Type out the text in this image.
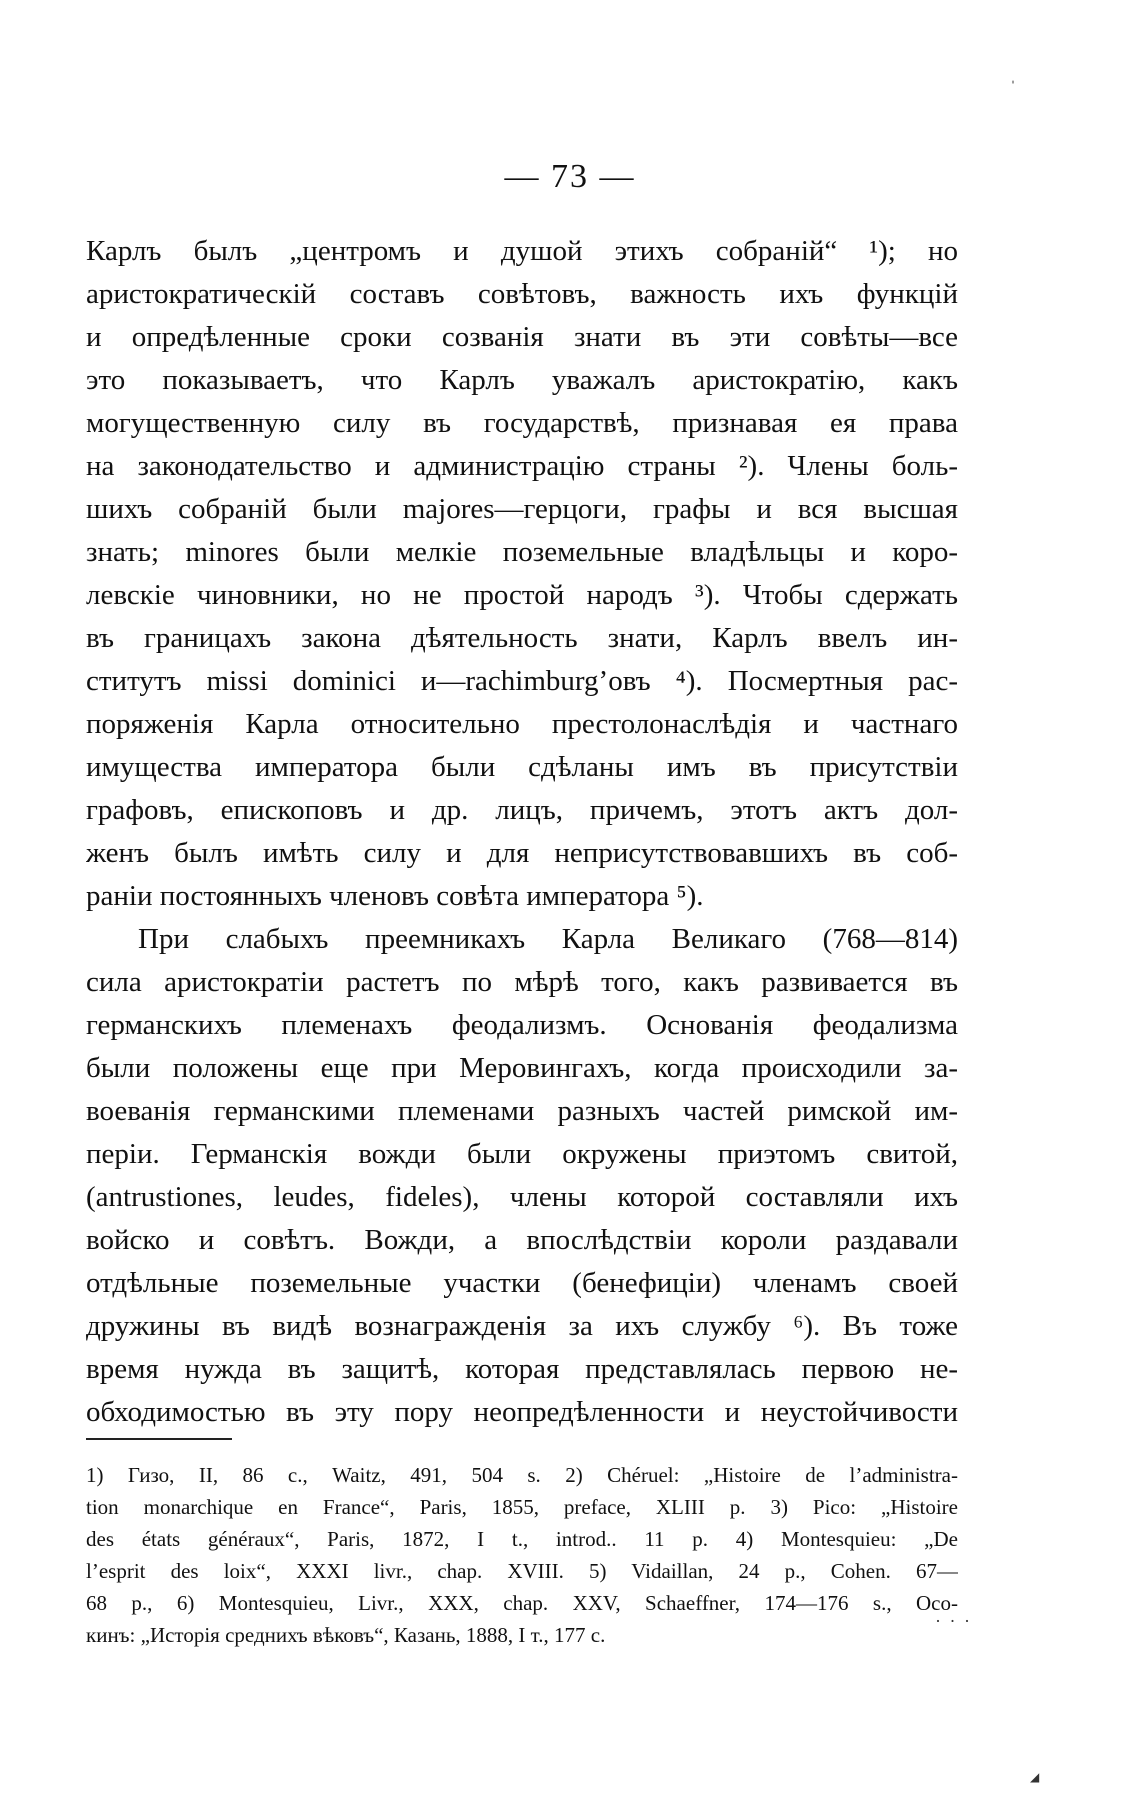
— 73 —
Карлъ былъ „центромъ и душой этихъ собраній“ ¹); но
аристократическій составъ совѣтовъ, важность ихъ функцій
и опредѣленные сроки созванія знати въ эти совѣты—все
это показываетъ, что Карлъ уважалъ аристократію, какъ
могущественную силу въ государствѣ, признавая ея права
на законодательство и администрацію страны ²). Члены боль-
шихъ собраній были majores—герцоги, графы и вся высшая
знать; minores были мелкіе поземельные владѣльцы и коро-
левскіе чиновники, но не простой народъ ³). Чтобы сдержать
въ границахъ закона дѣятельность знати, Карлъ ввелъ ин-
ститутъ missi dominici и—rachimburg’овъ ⁴). Посмертныя рас-
поряженія Карла относительно престолонаслѣдія и частнаго
имущества императора были сдѣланы имъ въ присутствіи
графовъ, епископовъ и др. лицъ, причемъ, этотъ актъ дол-
женъ былъ имѣть силу и для неприсутствовавшихъ въ соб-
раніи постоянныхъ членовъ совѣта императора ⁵).
При слабыхъ преемникахъ Карла Великаго (768—814)
сила аристократіи растетъ по мѣрѣ того, какъ развивается въ
германскихъ племенахъ феодализмъ. Основанія феодализма
были положены еще при Меровингахъ, когда происходили за-
воеванія германскими племенами разныхъ частей римской им-
періи. Германскія вожди были окружены приэтомъ свитой,
(antrustiones, leudes, fideles), члены которой составляли ихъ
войско и совѣтъ. Вожди, а впослѣдствіи короли раздавали
отдѣльные поземельные участки (бенефиціи) членамъ своей
дружины въ видѣ вознагражденія за ихъ службу ⁶). Въ тоже
время нужда въ защитѣ, которая представлялась первою не-
обходимостью въ эту пору неопредѣленности и неустойчивости
1) Гизо, II, 86 с., Waitz, 491, 504 s. 2) Chéruel: „Histoire de l’administra-
tion monarchique en France“, Paris, 1855, preface, XLIII p. 3) Pico: „Histoire
des états généraux“, Paris, 1872, I t., introd.. 11 p. 4) Montesquieu: „De
l’esprit des loix“, XXXI livr., chap. XVIII. 5) Vidaillan, 24 p., Cohen. 67—
68 p., 6) Montesquieu, Livr., XXX, chap. XXV, Schaeffner, 174—176 s., Oco-
кинъ: „Исторія среднихъ вѣковъ“, Казань, 1888, I т., 177 с.
ˈ
· · ·
◢
